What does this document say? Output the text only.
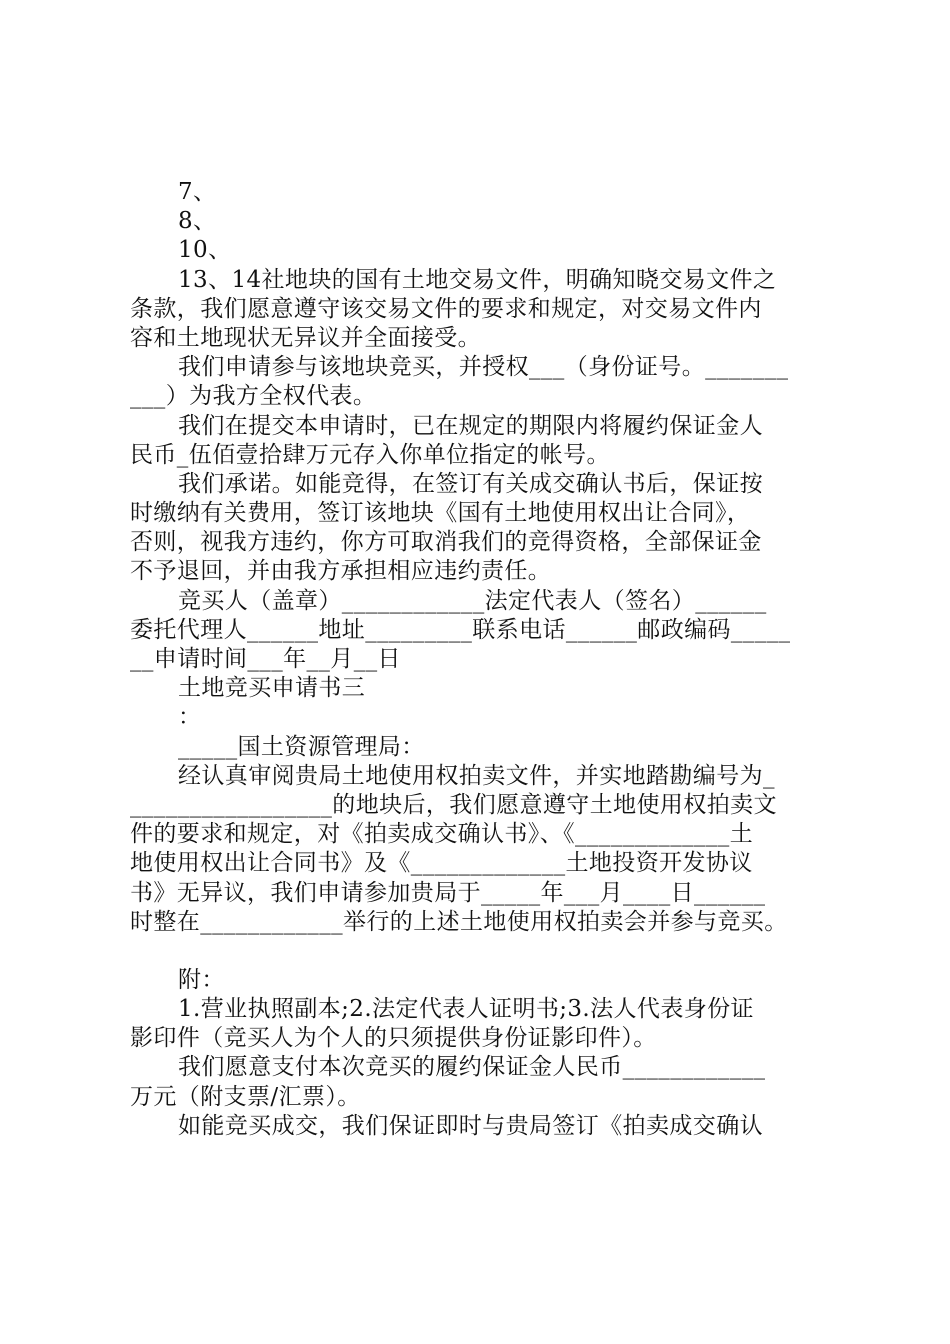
7、
8、
10、
13、14社地块的国有土地交易文件，明确知晓交易文件之
条款，我们愿意遵守该交易文件的要求和规定，对交易文件内
容和土地现状无异议并全面接受。
我们申请参与该地块竞买，并授权___（身份证号。_______
___）为我方全权代表。
我们在提交本申请时，已在规定的期限内将履约保证金人
民币_伍佰壹拾肆万元存入你单位指定的帐号。
我们承诺。如能竞得，在签订有关成交确认书后，保证按
时缴纳有关费用，签订该地块《国有土地使用权出让合同》，
否则，视我方违约，你方可取消我们的竞得资格，全部保证金
不予退回，并由我方承担相应违约责任。
竞买人（盖章）____________法定代表人（签名）______
委托代理人______地址_________联系电话______邮政编码_____
__申请时间___年__月__日
土地竞买申请书三
：
_____国土资源管理局：
经认真审阅贵局土地使用权拍卖文件，并实地踏勘编号为_
_________________的地块后，我们愿意遵守土地使用权拍卖文
件的要求和规定，对《拍卖成交确认书》、《_____________土
地使用权出让合同书》及《_____________土地投资开发协议
书》无异议，我们申请参加贵局于_____年___月____日______
时整在____________举行的上述土地使用权拍卖会并参与竞买。
附：
1.营业执照副本;2.法定代表人证明书;3.法人代表身份证
影印件（竞买人为个人的只须提供身份证影印件）。
我们愿意支付本次竞买的履约保证金人民币____________
万元（附支票/汇票）。
如能竞买成交，我们保证即时与贵局签订《拍卖成交确认
